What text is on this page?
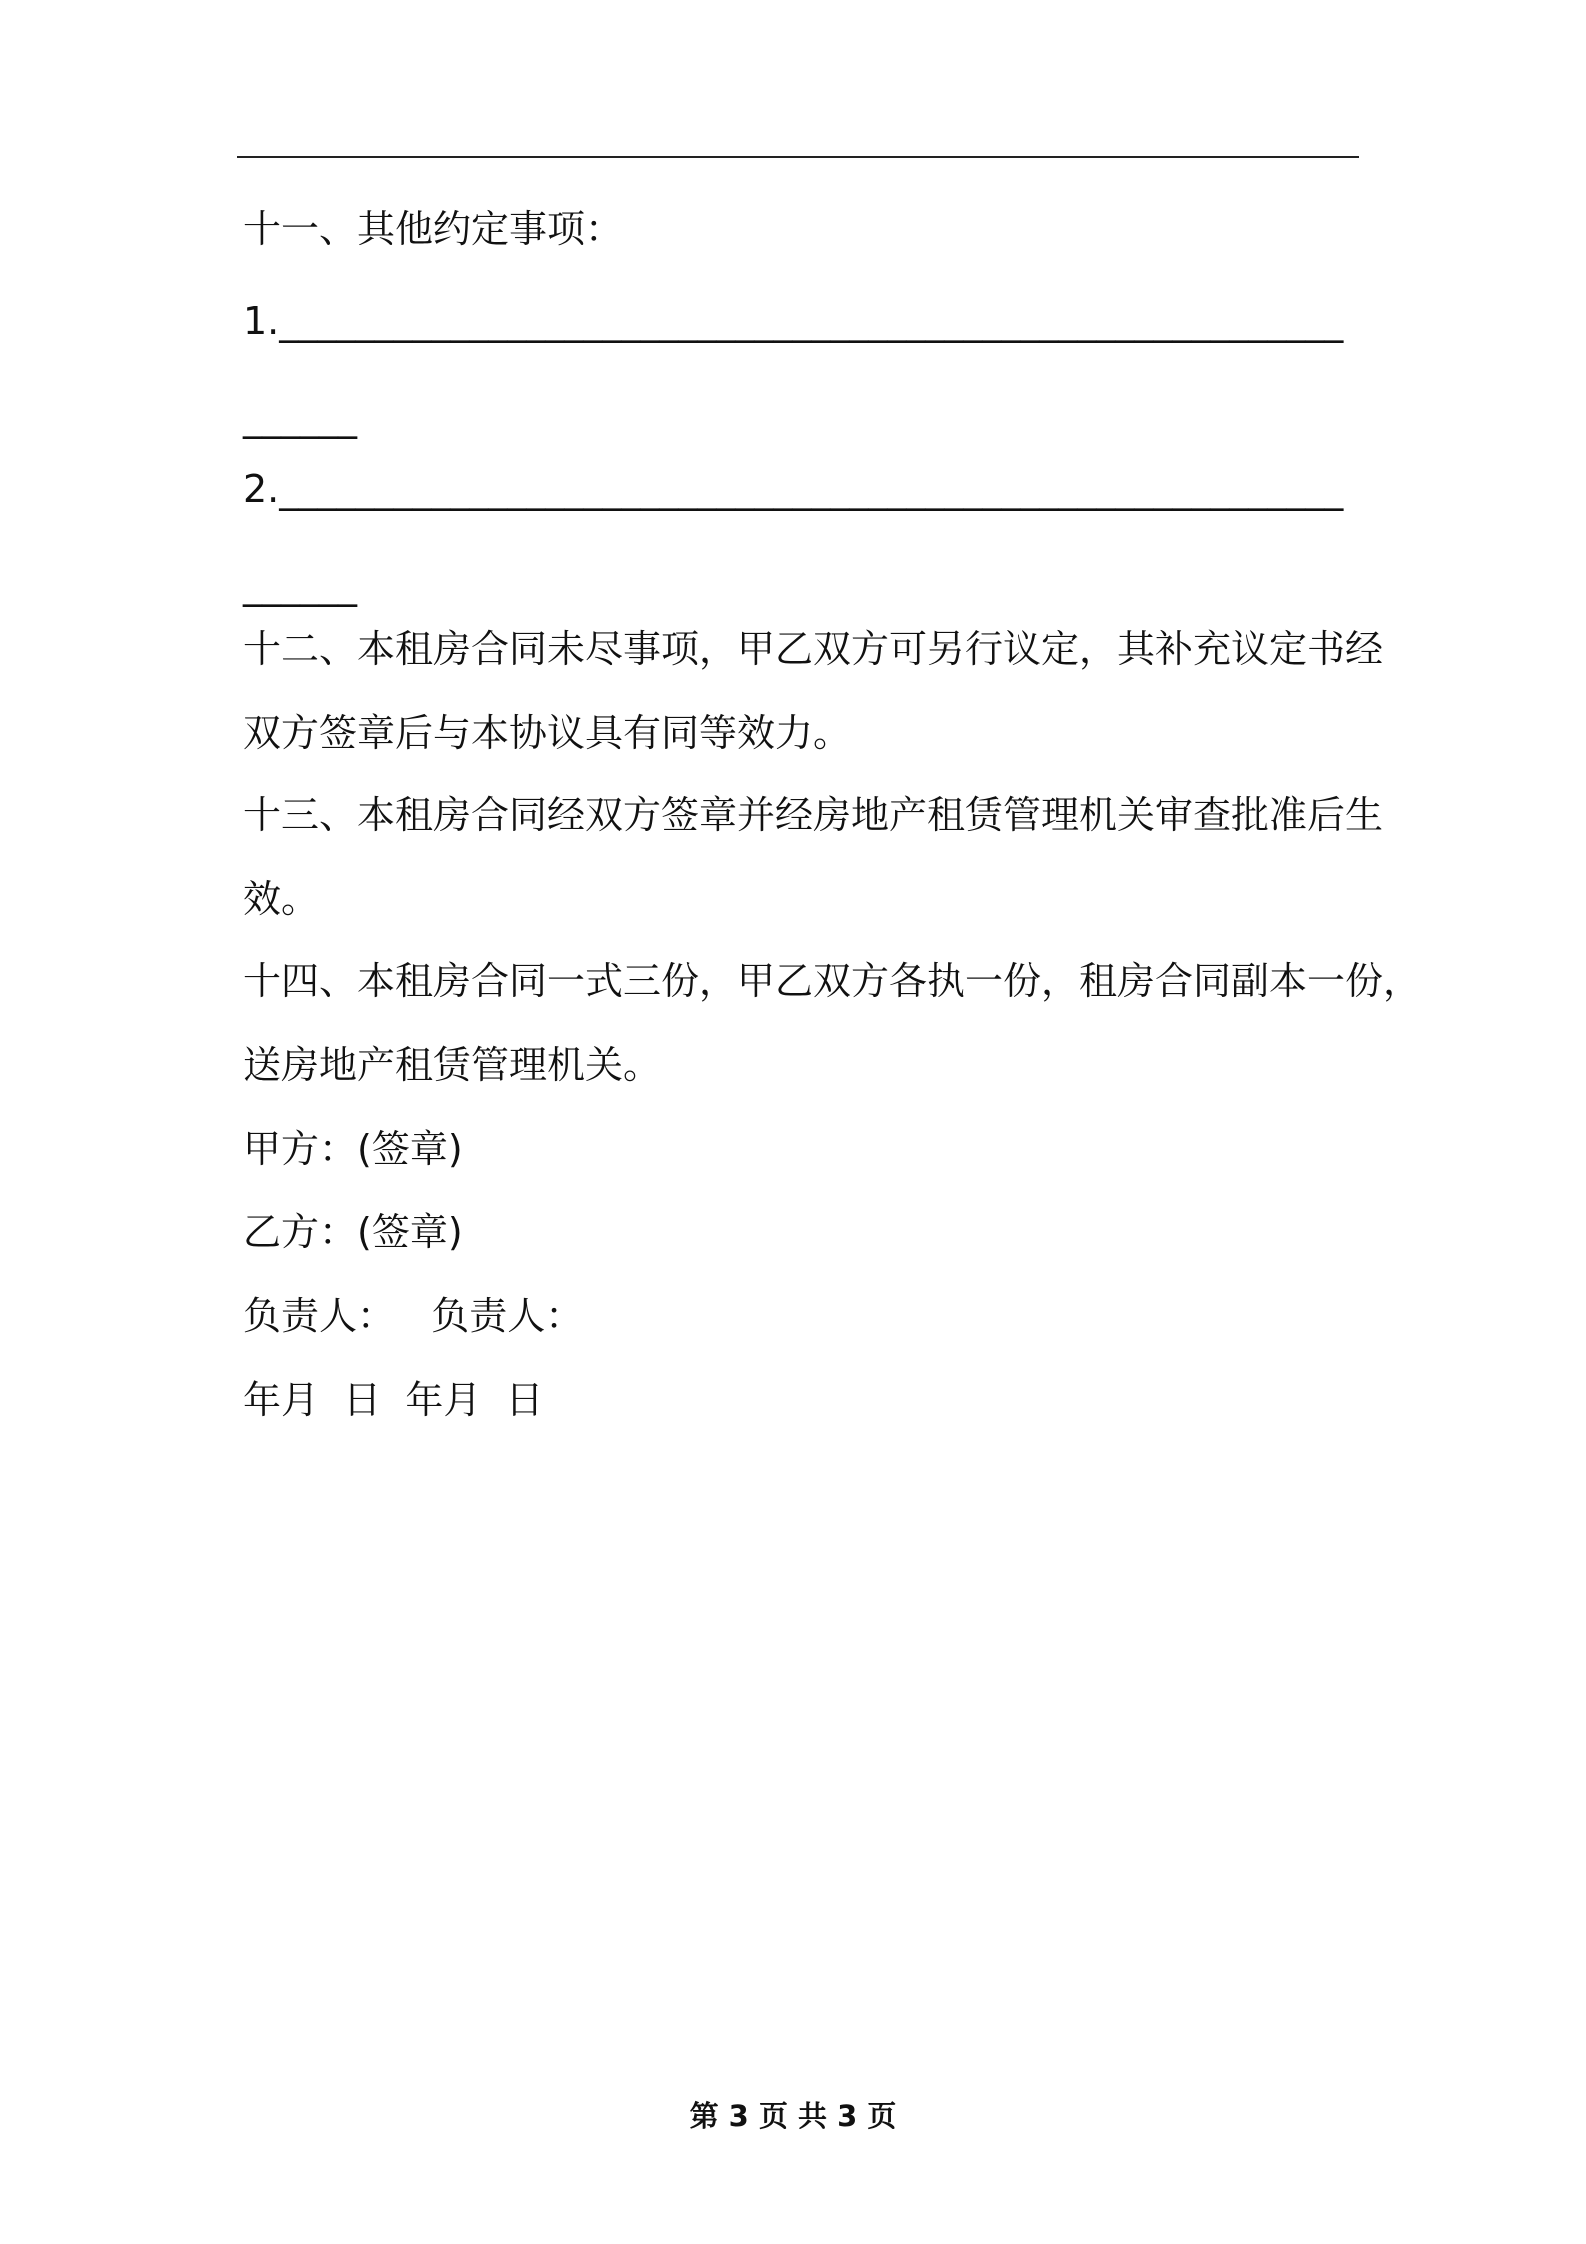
十一、其他约定事项：
1.________________________________________________________
______
2.________________________________________________________
______
十二、本租房合同未尽事项，甲乙双方可另行议定，其补充议定书经
双方签章后与本协议具有同等效力。
十三、本租房合同经双方签章并经房地产租赁管理机关审查批准后生
效。
十四、本租房合同一式三份，甲乙双方各执一份，租房合同副本一份，
送房地产租赁管理机关。
甲方：(签章)
乙方：(签章)
负责人：   负责人：
年月  日  年月  日
第 3 页 共 3 页
